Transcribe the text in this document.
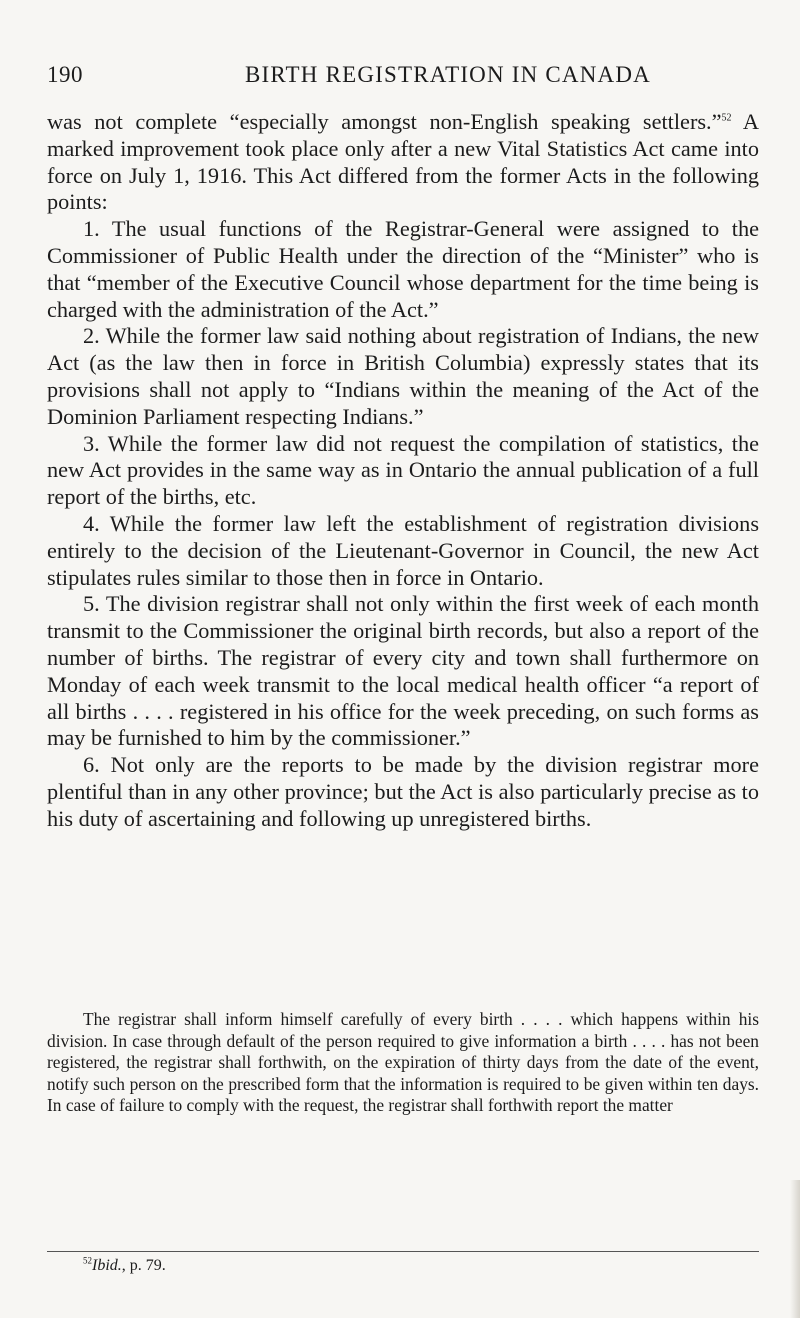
190	BIRTH REGISTRATION IN CANADA

was not complete “especially amongst non-English speaking settlers.”$^{52}$ A marked improvement took place only after a new Vital Statistics Act came into force on July 1, 1916. This Act differed from the former Acts in the following points:

1. The usual functions of the Registrar-General were assigned to the Commissioner of Public Health under the direction of the “Minister” who is that “member of the Executive Council whose department for the time being is charged with the administration of the Act.”

2. While the former law said nothing about registration of Indians, the new Act (as the law then in force in British Columbia) expressly states that its provisions shall not apply to “Indians within the meaning of the Act of the Dominion Parliament respecting Indians.”

3. While the former law did not request the compilation of statistics, the new Act provides in the same way as in Ontario the annual publication of a full report of the births, etc.

4. While the former law left the establishment of registration divisions entirely to the decision of the Lieutenant-Governor in Council, the new Act stipulates rules similar to those then in force in Ontario.

5. The division registrar shall not only within the first week of each month transmit to the Commissioner the original birth records, but also a report of the number of births. The registrar of every city and town shall furthermore on Monday of each week transmit to the local medical health officer “a report of all births . . . . registered in his office for the week preceding, on such forms as may be furnished to him by the commissioner.”

6. Not only are the reports to be made by the division registrar more plentiful than in any other province; but the Act is also particularly precise as to his duty of ascertaining and following up unregistered births.

The registrar shall inform himself carefully of every birth . . . . which happens within his division. In case through default of the person required to give information a birth . . . . has not been registered, the registrar shall forthwith, on the expiration of thirty days from the date of the event, notify such person on the prescribed form that the information is required to be given within ten days. In case of failure to comply with the request, the registrar shall forthwith report the matter

$^{52}$Ibid., p. 79.
